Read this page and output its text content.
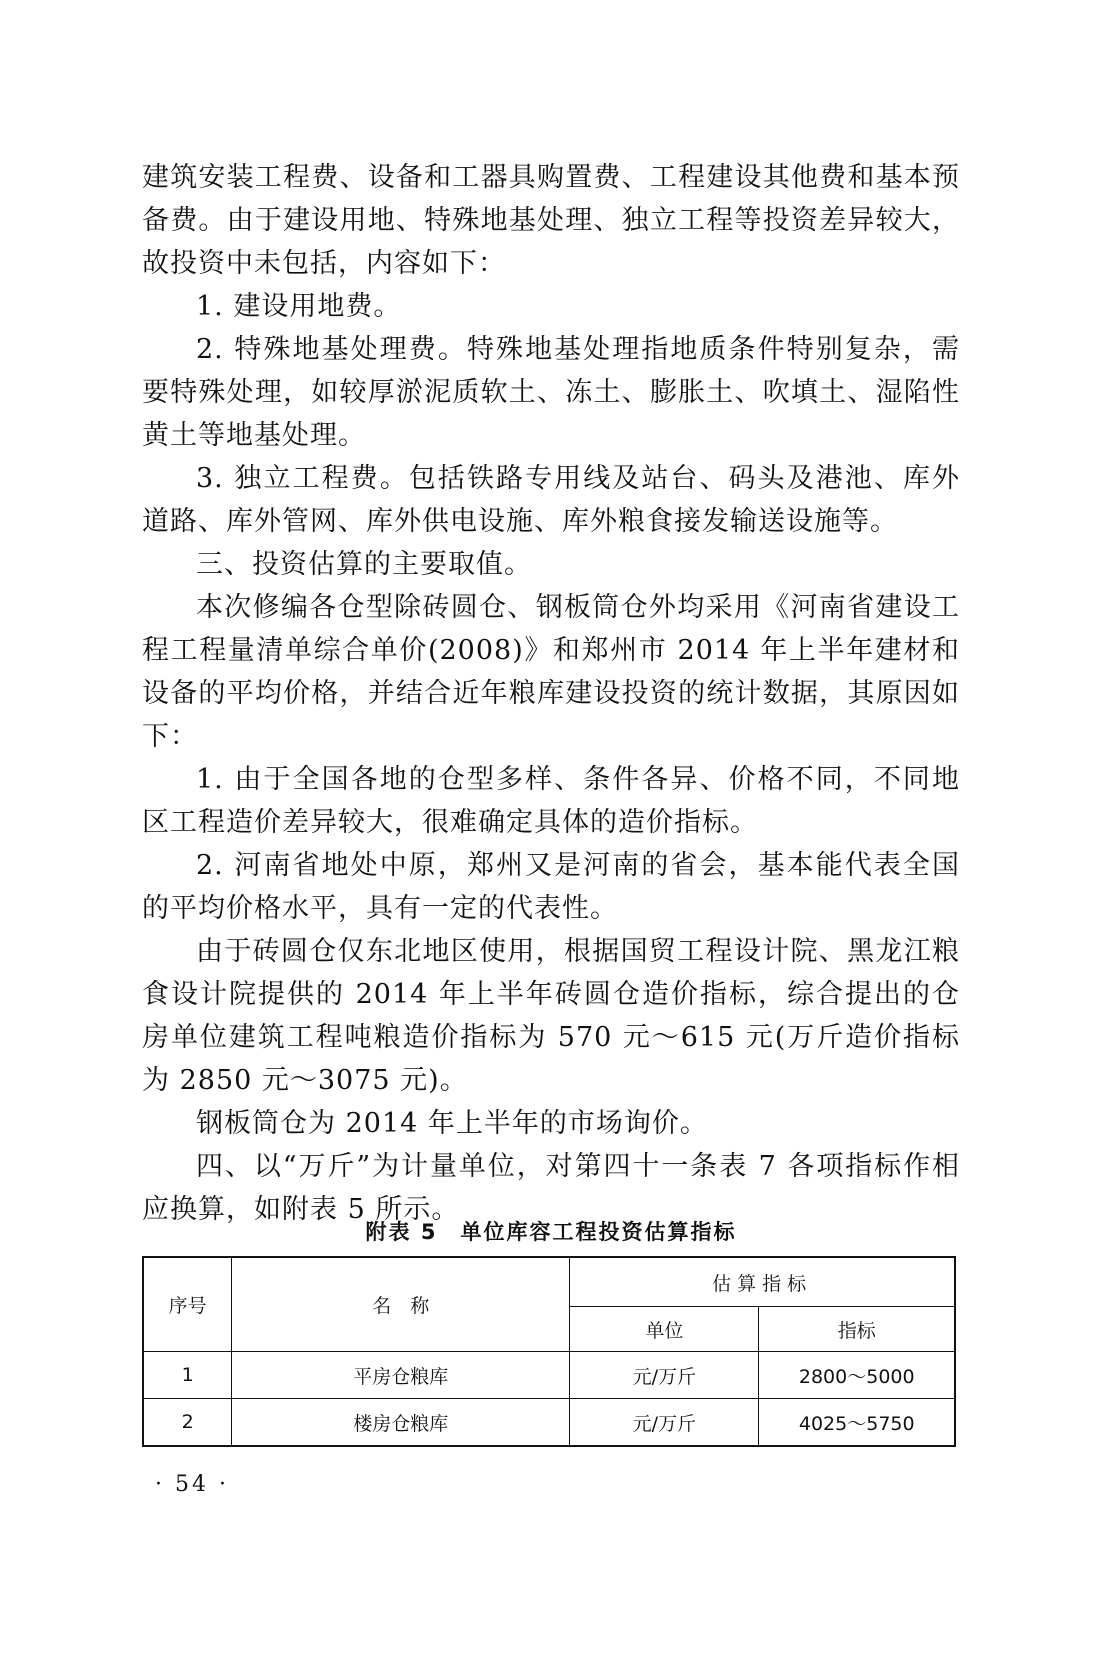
建筑安装工程费、设备和工器具购置费、工程建设其他费和基本预备费。由于建设用地、特殊地基处理、独立工程等投资差异较大，故投资中未包括，内容如下：

1. 建设用地费。

2. 特殊地基处理费。特殊地基处理指地质条件特别复杂，需要特殊处理，如较厚淤泥质软土、冻土、膨胀土、吹填土、湿陷性黄土等地基处理。

3. 独立工程费。包括铁路专用线及站台、码头及港池、库外道路、库外管网、库外供电设施、库外粮食接发输送设施等。

三、投资估算的主要取值。

本次修编各仓型除砖圆仓、钢板筒仓外均采用《河南省建设工程工程量清单综合单价(2008)》和郑州市 2014 年上半年建材和设备的平均价格，并结合近年粮库建设投资的统计数据，其原因如下：

1. 由于全国各地的仓型多样、条件各异、价格不同，不同地区工程造价差异较大，很难确定具体的造价指标。

2. 河南省地处中原，郑州又是河南的省会，基本能代表全国的平均价格水平，具有一定的代表性。

由于砖圆仓仅东北地区使用，根据国贸工程设计院、黑龙江粮食设计院提供的 2014 年上半年砖圆仓造价指标，综合提出的仓房单位建筑工程吨粮造价指标为 570 元～615 元(万斤造价指标为 2850 元～3075 元)。

钢板筒仓为 2014 年上半年的市场询价。

四、以“万斤”为计量单位，对第四十一条表 7 各项指标作相应换算，如附表 5 所示。

附表 5　单位库容工程投资估算指标
序号	名　称	估算指标	
		单位	指标
1	平房仓粮库	元/万斤	2800～5000
2	楼房仓粮库	元/万斤	4025～5750
· 54 ·
